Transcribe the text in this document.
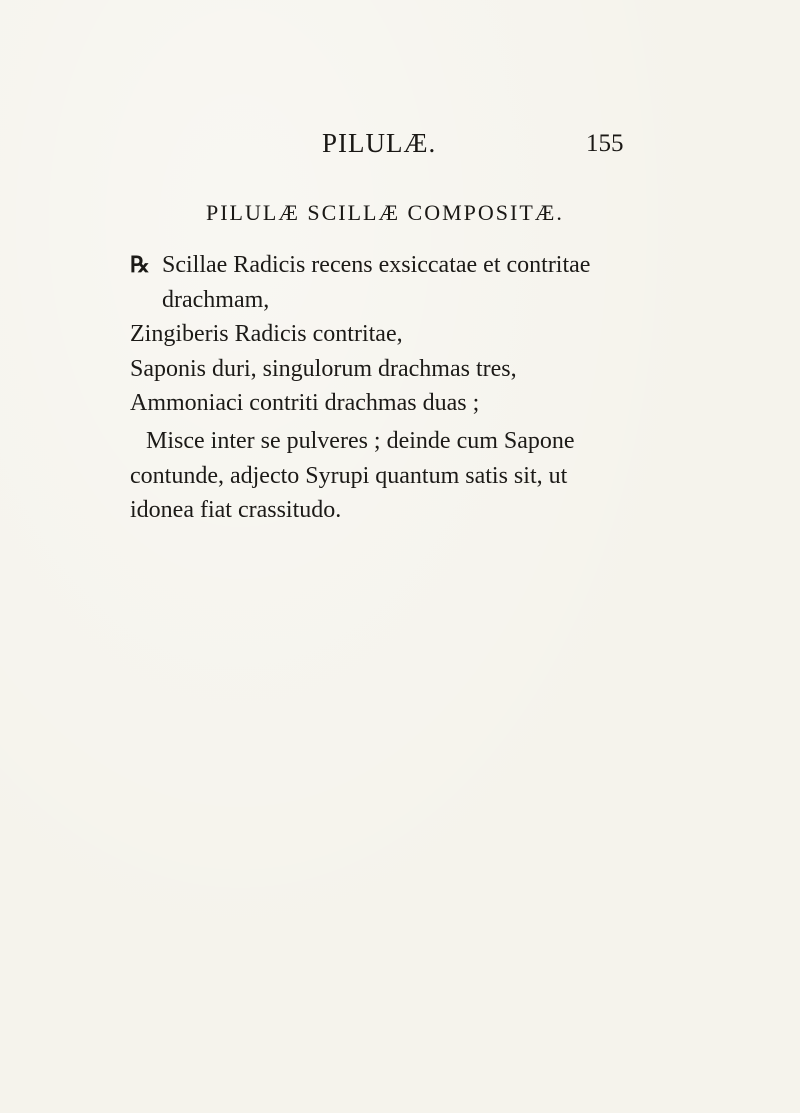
PILULÆ.	155
PILULÆ SCILLÆ COMPOSITÆ.
℞ Scillae Radicis recens exsiccatae et contritae
drachmam,
Zingiberis Radicis contritae,
Saponis duri, singulorum drachmas tres,
Ammoniaci contriti drachmas duas ;

Misce inter se pulveres ; deinde cum Sapone

contunde, adjecto Syrupi quantum satis sit, ut

idonea fiat crassitudo.
